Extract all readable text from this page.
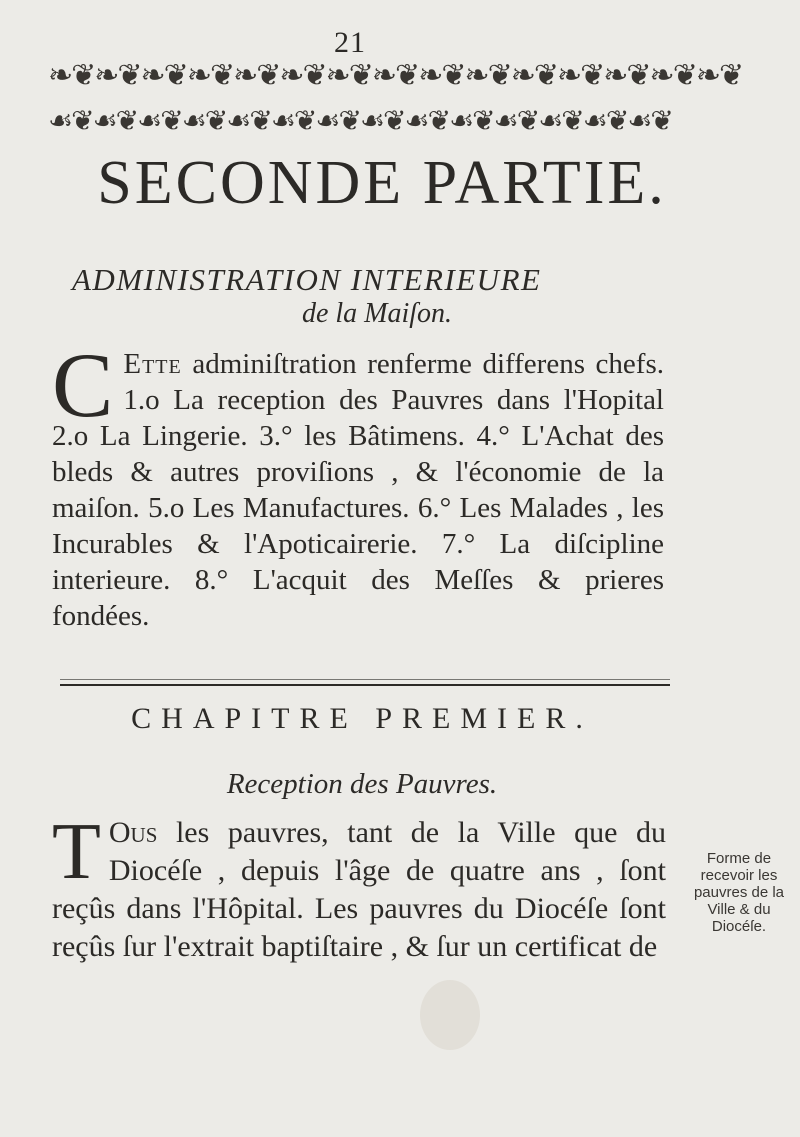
21
❧❦❧❦❧❦❧❦❧❦❧❦❧❦❧❦❧❦❧❦❧❦❧❦❧❦❧❦❧❦
☙❦☙❦☙❦☙❦☙❦☙❦☙❦☙❦☙❦☙❦☙❦☙❦☙❦☙❦
SECONDE PARTIE.
ADMINISTRATION INTERIEURE
de la Maiſon.
C Ette adminiſtration renferme differens chefs. 1.o La reception des Pauvres dans l'Hopital 2.o La Lingerie. 3.° les Bâtimens. 4.° L'Achat des bleds & autres proviſions , & l'économie de la maiſon. 5.o Les Manufactures. 6.° Les Malades , les Incurables & l'Apoticairerie. 7.° La diſcipline interieure. 8.° L'acquit des Meſſes & prieres fondées.
CHAPITRE PREMIER.
Reception des Pauvres.
T Ous les pauvres, tant de la Ville que du Diocéſe , depuis l'âge de quatre ans , ſont reçûs dans l'Hôpital. Les pauvres du Diocéſe ſont reçûs ſur l'extrait baptiſtaire , & ſur un certificat de
Forme de recevoir les pauvres de la Ville & du Diocéſe.
